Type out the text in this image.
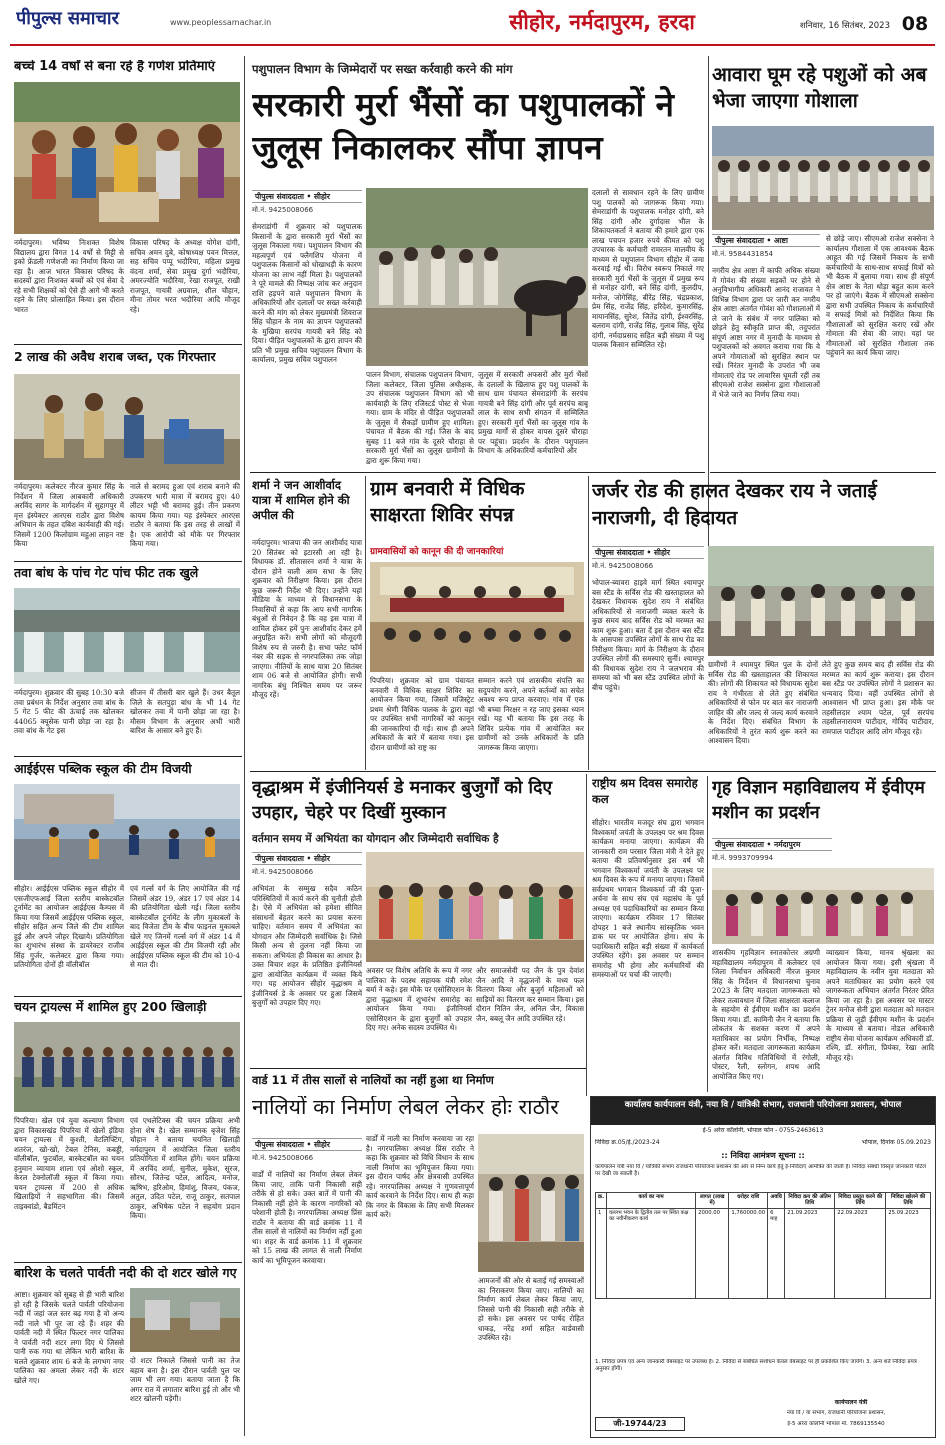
पीपुल्स समाचार	www.peoplessamachar.in	सीहोर, नर्मदापुरम, हरदा	शनिवार, 16 सितंबर, 2023 08
बच्चे 14 वर्षों से बना रहे है गणेश प्रतिमाएं
नर्मदापुरम। भविष्य निःशक्त विशेष विद्यालय द्वारा विगत 14 वर्षों से मिट्टी से इको फ्रेंडली गणेशजी का निर्माण किया जा रहा है। आज भारत विकास परिषद के सदस्यों द्वारा निःशक्त बच्चों को एवं सेवा दे रहे सभी शिक्षकों को ऐसे ही आगे भी करते रहने के लिए प्रोत्साहित किया। इस दौरान भारत
विकास परिषद के अध्यक्ष योगेश दांगी, सचिव अमन दुबे, कोषाध्यक्ष पवन मित्तल, सह सचिव पप्पू भदौरिया, महिला प्रमुख वंदना शर्मा, सेवा प्रमुख दुर्गा भदौरिया, अमरज्योति भदौरिया, रेखा राजपूत, राखी राजपूत, गायत्री अग्रवाल, शील चौहान, मीना तोमर भरत भदौरिया आदि मौजूद रहे।
2 लाख की अवैध शराब जब्त, एक गिरफ्तार
नर्मदापुरम। कलेक्टर नीरज कुमार सिंह के निर्देशन में जिला आबकारी अधिकारी अरविंद सागर के मार्गदर्शन में सुहागपुर में वृत्त इंस्पेक्टर आरएस राठौर द्वारा विशेष अभियान के तहत दबिश कार्यवाही की गई। जिसमें 1200 किलोग्राम महुआ लाहन नष्ट किया
नाले से बरामद हुआ एवं शराब बनाने की उपकरण भारी मात्रा में बरामद हुए। 40 लीटर भट्टी भी बरामद हुई। तीन प्रकरण कायम किया गया। यह इंस्पेक्टर आरएस राठौर ने बताया कि इस तरह से लाखों में है। एक आरोपी को मौके पर गिरफ्तार किया गया।
तवा बांध के पांच गेट पांच फीट तक खुले
नर्मदापुरम। शुक्रवार की सुबह 10:30 बजे तवा प्रबंधन के निर्देश अनुसार तवा बांध के 5 गेट 5 फीट की ऊंचाई तक खोलकर 44065 क्यूसेक पानी छोड़ा जा रहा है। तवा बांध के गेट इस
सीजन में तीसरी बार खुले हैं। उधर बैतूल जिले के सतपुड़ा बांध के भी 14 गेट खोलकर तवा में पानी छोड़ा जा रहा है। मौसम विभाग के अनुसार अभी भारी बारिश के आसार बने हुए हैं।
आईईएस पब्लिक स्कूल की टीम विजयी
सीहोर। आईईएस पब्लिक स्कूल सीहोर में एसजीएफआई जिला स्तरीय बास्केटबॉल टूर्नामेंट का आयोजन आईईएस कैम्पस में किया गया जिसमें आईईएस पब्लिक स्कूल, सीहोर सहित अन्य जिले की टीम शामिल हुई और अपने जौहर दिखाये। प्रतियोगिता का शुभारंभ संस्था के डायरेक्टर राजीव सिंह गुर्जर, कलेक्टर द्वारा किया गया। प्रतियोगिता दोनों ही वॉलीबॉल
एवं गर्ल्स वर्ग के लिए आयोजित की गई जिसमें अंडर 19, अंडर 17 एवं अंडर 14 की प्रतियोगिता खेली गई। जिला स्तरीय बास्केटबॉल टूर्नामेंट के लीग मुकाबलों के बाद विजेता टीम के बीच फाइनल मुकाबले खेले गए जिनमें गर्ल्स वर्ग में अंडर 14 में आईईएस स्कूल की टीम विजयी रही और आईईएस पब्लिक स्कूल की टीम को 10-4 से मात दी।
चयन ट्रायल्स में शामिल हुए 200 खिलाड़ी
पिपरिया। खेल एवं युवा कल्याण विभाग द्वारा विकासखंड पिपरिया में खेलों इंडिया चयन ट्रायल्स में कुश्ती, वेटलिफ्टिंग, शतरंज, खो-खो, टेबल टेनिस, कबड्डी, वॉलीबॉल, फुटबॉल, बास्केटबॉल का चयन हनुमान व्यायाम शाला एवं ओशो स्कूल, केरल टेक्नोलॉजी स्कूल में किया गया। चयन ट्रायल्स में 200 से अधिक खिलाड़ियों ने सहभागिता की। जिसमें ताइक्वांडो, बैडमिंटन
एवं एथलेटिक्स की चयन प्रक्रिया अभी होना शेष है। खेल सम्मानक बृजेश सिंह चौहान ने बताया चयनित खिलाड़ी नर्मदापुरम में आयोजित जिला स्तरीय प्रतियोगिता में शामिल होंगे। चयन प्रक्रिया में अरविंद शर्मा, सुनील, मुकेश, सूरज, सौरभ, जितेन्द्र पटेल, आदित्य, मनोज, ऋषिभ, हरिओम, हिमांशु, विजय, पंकज, अतुल, उदित पटेल, राजू ठाकुर, सतपाल ठाकुर, अभिषेक पटेल ने सहयोग प्रदान किया।
बारिश के चलते पार्वती नदी की दो शटर खोले गए
आष्टा। शुक्रवार को सुबह से ही भारी बारिश हो रही है जिसके चलते पार्वती परियोजना नदी में जहां जल स्तर बढ़ गया है वो अन्य नदी नाले भी पूर जा रहे हैं। शहर की पार्वती नदी में स्थित फिल्टर नगर पालिका ने पार्वती नदी शटर लगा दिए थे जिससे पानी रुक गया था लेकिन भारी बारिश के चलते शुक्रवार शाम 6 बजे के लगभग नगर पालिका का अमला लेकर नदी के शटर खोले गए।
दो शटर निकाले जिससे पानी का तेज बहाव बना है। इस दौरान पार्वती पुल पर जाम भी लग गया। बताया जाता है कि अगर रात में लगातार बारिश हुई तो और भी शटर खोलनी पड़ेगी।
पशुपालन विभाग के जिम्मेदारों पर सख्त कर्रवाही करने की मांग
सरकारी मुर्रा भैंसों का पशुपालकों ने जुलूस निकालकर सौंपा ज्ञापन
पीपुल्स संवाददाता • सीहोर
मो.नं. 9425008066
सेमराडांगी में शुक्रवार को पशुपालक किसानों के द्वारा सरकारी मुर्रा भैंसों का जुलूस निकाला गया। पशुपालन विभाग की महत्वपूर्ण एवं फ्लैगशिप योजना में पशुपालक किसानों को धोखाधड़ी के कारण योजना का लाभ नहीं मिला है। पशुपालकों ने पूरे मामले की निष्पक्ष जांच कर अनुदान राशि हड़पने वाले पशुपालन विभाग के अधिकारियों और दलालों पर सख्त कर्रवाही करने की मांग को लेकर मुख्यमंत्री शिवराज सिंह चौहान के नाम का ज्ञापन पशुपालकों के मुखिया सरपंच गायत्री बने सिंह को दिया। पीड़ित पशुपालकों के द्वारा ज्ञापन की प्रति भी प्रमुख सचिव पशुपालन विभाग के कार्यालय, प्रमुख सचिव पशुपालन
पालन विभाग, संचालक पशुपालन विभाग, जिला कलेक्टर, जिला पुलिस अधीक्षक, उप संचालक पशुपालन विभाग को भी कार्यवाही के लिए रजिस्टर्ड पोस्ट से भेजा गया। ग्राम के मंदिर से पीड़ित पशुपालकों के जुलूस में सैकड़ों ग्रामीण हुए शामिल। पंचायत में बैठक की गई। जिस के बाद सुबह 11 बजे गांव के दूसरे चौराहा से सरकारी मुर्रा भैंसों का जुलूस ग्रामीणों के द्वारा शुरू किया गया।
जुलूस में सरकारी अफसरों और मुर्रा भैंसों के दलालों के खिलाफ हुए पशु पालकों के साथ ग्राम पंचायत सेमराडांगी के सरपंच गायत्री बने सिंह दांगी और पूर्व सरपंच बाबू लाल के साथ सभी संगठन में सम्मिलित हुए। सरकारी मुर्रा भैंसों का जुलूस गांव के प्रमुख मार्गों से होकर वापस दूसरे चौराहा पर पहुंचा। प्रदर्शन के दौरान पशुपालन विभाग के अधिकारियों कर्मचारियों और
दलालों से सावधान रहने के लिए ग्रामीण पशु पालकों को जागरूक किया गया। सेमराडांगी के पशुपालक मनोहर दांगी, बने सिंह दांगी और दुर्गादास भील के शिकायतकर्ता ने बताया की हमारे द्वारा एक लाख पचपन हजार रुपये कीमत को पशु उपचारक के कर्मचारी रामरतन मालवीय के माध्यम से पशुपालन विभाग सीहोर में जमा करवाई गई थी। विरोध स्वरूप निकाले गए सरकारी मुर्रा भैंसों के जुलूस में प्रमुख रूप से मनोहर दांगी, बने सिंह दांगी, कुलदीप, मनोज, जोगेसिंह, बीरेंद्र सिंह, चंद्रप्रकाश, प्रेम सिंह, राजेंद्र सिंह, हरिदेश, कुमारसिंह, मायानसिंह, सुरेश, जितेंद्र दांगी, ईश्वरसिंह, बलराम दांगी, राजेंद्र सिंह, गुलाब सिंह, सुरेंद्र दांगी, नर्मदाप्रसाद सहित बड़ी संख्या में पशु पालक किसान सम्मिलित रहे।
आवारा घूम रहे पशुओं को अब भेजा जाएगा गोशाला
पीपुल्स संवाददाता • आष्टा
मो.नं. 9584431854
नगरीय क्षेत्र आष्टा में काफी अधिक संख्या में गोवंश की संख्या सड़कों पर होने से अनुविभागीय अधिकारी आनंद राजावत ने विभिन्न विभाग द्वारा पर जारी कर नगरीय क्षेत्र आष्टा अंतर्गत गोवंश को गौशालाओं में ले जाने के संबंध में नगर पालिका को छोड़ने हेतु स्वीकृति प्राप्त की, तदुपरांत संपूर्ण आष्टा नगर में मुनादी के माध्यम से पशुपालकों को अवगत कराया गया कि वे अपने गोमाताओं को सुरक्षित स्थान पर रखें। निरंतर मुनादी के उपरांत भी जब गोमाताएं रोड पर लावारिस घूमती रहीं तब सीएमओ राजेश सक्सेना द्वारा गौशालाओं में भेजे जाने का निर्णय लिया गया।
से छोड़े जाए। सीएमओ राजेश सक्सेना ने कार्यालय गौशाला में एक आवश्यक बैठक आहूत की गई जिसमें निकाय के सभी कर्मचारियों के साथ-साथ सफाई मित्रों को भी बैठक में बुलाया गया। साथ ही संपूर्ण क्षेत्र आष्टा के नेता थोड़ा बहुत काम करने पर हो जाएंगे। बैठक में सीएमओ सक्सेना द्वारा सभी उपस्थित निकाय के कर्मचारियों व सफाई मित्रों को निर्देशित किया कि गौशालाओं को सुरक्षित कराए रखें और गोमाता की सेवा की जाए। यहां पर गौमाताओं को सुरक्षित गौशाला तक पहुंचाने का कार्य किया जाए।
शर्मा ने जन आशीर्वाद यात्रा में शामिल होने की अपील की
नर्मदापुरम। भाजपा की जन आशीर्वाद यात्रा 20 सितंबर को इटारसी आ रही है। विधायक डॉ. सीतासरन शर्मा ने यात्रा के दौरान होने वाली आम सभा के लिए शुक्रवार को निरीक्षण किया। इस दौरान कुछ जरूरी निर्देश भी दिए। उन्होंने यहां मीडिया के माध्यम से विधानसभा के निवासियों से कहा कि आप सभी नागरिक बंधुओं से निवेदन है कि वह इस यात्रा में शामिल होकर हमें पुनः आशीर्वाद देकर हमें अनुग्रहित करें। सभी लोगों को मौजूदगी विशेष रुप से जरुरी है। सभा फ्लेट फॉर्म नंबर की सड़क से नगरपालिका तक जोड़ा जाएगा। नीतियों के साथ यात्रा 20 सितंबर शाम 06 बजे से आयोजित होगी। सभी नागरिक बंधु निश्चित समय पर जरूर मौजूद रहें।
ग्राम बनवारी में विधिक साक्षरता शिविर संपन्न
ग्रामवासियों को कानून की दी जानकारियां
पिपरिया। शुक्रवार को ग्राम पंचायत बनवारी में विधिक साक्षर शिविर का आयोजन किया गया, जिसमें मजिस्ट्रेट प्रथम श्रेणी विधिक पालक के द्वारा वहां पर उपस्थित सभी नागरिकों को कानून की जानकारियां दी गई। साथ ही अपने अधिकारों के बारे में बताया गया। इस दौरान ग्रामीणों को राष्ट्र का
सम्मान करने एवं शासकीय संपत्ति का सदुपयोग करने, अपने कर्तव्यों का सचेत अवश्य रूप प्राप्त करवाए। गांव में एक भी बच्चा निरक्षर न रह जाए इसका ध्यान रखें। यह भी बताया कि इस तरह के शिविर प्रत्येक गांव में आयोजित कर ग्रामीणों को उनके अधिकारों के प्रति जागरूक किया जाएगा।
जर्जर रोड की हालत देखकर राय ने जताई नाराजगी, दी हिदायत
पीपुल्स संवाददाता • सीहोर
मो.नं. 9425008066
भोपाल-ब्यावरा हाइवे मार्ग स्थित श्यामपुर बस स्टैंड के सर्विस रोड की खस्ताहालत को देखकर विधायक सुदेश राय ने संबंधित अधिकारियों से नाराजगी व्यक्त करने के कुछ समय बाद सर्विस रोड को मरम्मत का काम शुरू हुआ। बता दें इस दौरान बस स्टैंड के आसपास उपस्थित लोगों के साथ रोड का निरीक्षण किया। मार्ग के निरीक्षण के दौरान उपस्थित लोगों की समस्याएं सुनीं। श्यामपुर की विधायक सुदेश राय ने जलभराव की समस्या को भी बस स्टैंड उपस्थित लोगों के बीच पहुंचे।
ग्रामीणों ने श्यामपुर स्थित पुल के दोनों सर्विस रोड की खस्ताहालत की शिकायत की। लोगों की शिकायत को विधायक सुदेश राय ने गंभीरता से लेते हुए संबंधित अधिकारियों से फोन पर बात कर नाराजगी जाहिर की और जल्द से जल्द कार्य करवाने के निर्देश दिए। संबंधित विभाग के अधिकारियों ने तुरंत कार्य शुरू करने का आश्वासन दिया।
लेते हुए कुछ समय बाद ही सर्विस रोड की मरम्मत का कार्य शुरू कराया। इस दौरान बस स्टैंड पर उपस्थित लोगों ने प्रशासन का धन्यवाद दिया। वहीं उपस्थित लोगों से आश्वासन भी प्राप्त हुआ। इस मौके पर तहसीलदार श्याम पटेल, पूर्व सरपंच तहसीलनारायण पाटीदार, गोविंद पाटीदार, रामपाल पाटीदार आदि लोग मौजूद रहे।
वृद्धाश्रम में इंजीनियर्स डे मनाकर बुजुर्गों को दिए उपहार, चेहरे पर दिखीं मुस्कान
वर्तमान समय में अभियंता का योगदान और जिम्मेदारी सर्वाधिक है
पीपुल्स संवाददाता • सीहोर
मो.नं. 9425008066
अभियंता के सम्मुख सदैव कठिन परिस्थितियों में कार्य करने की चुनौती होती है। ऐसे में अभियंता को हमेशा सीमित संसाधनों बेहतर करने का प्रयास करना चाहिए। वर्तमान समय में अभियंता का योगदान और जिम्मेदारी सर्वाधिक है। जिसे किसी अन्य से तुलना नहीं किया जा सकता। अभियंता ही विकास का आधार है। उक्त विचार शहर के प्रतिष्ठित इंजीनियर्स द्वारा आयोजित कार्यक्रम में व्यक्त किये गए। यह आयोजन सीहोर वृद्धाश्रम में इंजीनियर्स डे के अवसर पर हुआ जिसमें बुजुर्गों को उपहार दिए गए।
अवसर पर विशेष अतिथि के रूप में नगर पालिका के पदस्थ सहायक यंत्री रमेश बर्मा ने कहे। इस मौके पर एसोसिएशन के द्वारा वृद्धाश्रम में शुभारंभ समारोह का आयोजन किया गया। इंजीनियर्स एसोसिएशन के द्वारा बुजुर्गों को उपहार दिए गए। अनेक सदस्य उपस्थित थे।
और समाजसेवी पद जैन के पुत्र देवांश जैन आदि ने वृद्धजनों के मध्य फल वितरण किया और बुजुर्ग महिलाओं को साड़ियों का वितरण कर सम्मान किया। इस दौरान नितिन जैन, अनिल जैन, विकास जैन, बबलू जैन आदि उपस्थित रहे।
राष्ट्रीय श्रम दिवस समारोह कल
सीहोर। भारतीय मजदूर संघ द्वारा भगवान विश्वकर्मा जयंती के उपलक्ष्य पर श्रम दिवस कार्यक्रम मनाया जाएगा। कार्यक्रम की जानकारी राम परसार जिला मंत्री ने देते हुए बताया की प्रतिवर्षानुसार इस वर्ष भी भगवान विश्वकर्मा जयंती के उपलक्ष्य पर श्रम दिवस के रूप में मनाया जाएगा। जिसमें सर्वप्रथम भगवान विश्वकर्मा जी की पूजा-अर्चना के साथ संघ एवं महासंघ के पूर्व अध्यक्ष एवं पदाधिकारियों का सम्मान किया जाएगा। कार्यक्रम रविवार 17 सितंबर दोपहर 1 बजे स्थानीय सांस्कृतिक भवन डाक घर पर आयोजित होगा। संघ के पदाधिकारी सहित बड़ी संख्या में कार्यकर्ता उपस्थित रहेंगे। इस अवसर पर सम्मान समारोह भी होगा और कर्मचारियों की समस्याओं पर चर्चा की जाएगी।
गृह विज्ञान महाविद्यालय में ईवीएम मशीन का प्रदर्शन
पीपुल्स संवाददाता • नर्मदापुरम
मो.नं. 9993709994
शासकीय गृहविज्ञान स्नातकोत्तर अग्रणी महाविद्यालय नर्मदापुरम में कलेक्टर एवं जिला निर्वाचन अधिकारी नीरज कुमार सिंह के निर्देशन में विधानसभा चुनाव 2023 के लिए मतदाता जागरूकता को लेकर तत्वावधान में जिला साक्षरता कलाज के सहयोग से ईवीएम मशीन का प्रदर्शन किया गया। डॉ. कामिनी जैन ने बताया कि लोकतंत्र के सशक्त करण में अपने मताधिकार का प्रयोग निर्भीक, निष्पक्ष होकर करें। मतदाता जागरूकता कार्यक्रम अंतर्गत विविध गतिविधियों में रंगोली, पोस्टर, रैली, स्लोगन, शपथ आदि आयोजित किए गए।
व्याख्यान किया, मानव श्रृंखला का आयोजन किया गया। इसी श्रृंखला में महाविद्यालय के नवीन युवा मतदाता को अपने मताधिकार का प्रयोग करने एवं जागरूकता अभियान अंतर्गत निरंतर प्रेरित किया जा रहा है। इस अवसर पर मास्टर ट्रेनर मनोज सेनी द्वारा मतदाता को मतदान प्रक्रिया से जुड़ी ईवीएम मशीन के प्रदर्शन के माध्यम से बताया। नोडल अधिकारी राष्ट्रीय सेवा योजना कार्यक्रम अधिकारी डॉ. रश्मि, डॉ. संगीता, प्रियंका, रेखा आदि मौजूद रहे।
वार्ड 11 में तीस सालों से नालियों का नहीं हुआ था निर्माण
नालियों का निर्माण लेबल लेकर होः राठौर
पीपुल्स संवाददाता • सीहोर
मो.नं. 9425008066
वार्डों में नालियों का निर्माण लेबल लेकर किया जाए, ताकि पानी निकासी सही तरीके से हो सके। उक्त बातें में पानी की निकासी नहीं होने के कारण नागरिकों को परेशानी होती है। नगरपालिका अध्यक्ष प्रिंस राठौर ने बताया की वार्ड क्रमांक 11 में तीस सालों से नालियों का निर्माण नहीं हुआ था। शहर के वार्ड क्रमांक 11 में शुक्रवार को 15 लाख की लागत से नाली निर्माण कार्य का भूमिपूजन करवाया।
वार्डों में नाली का निर्माण करवाया जा रहा है। नगरपालिका अध्यक्ष प्रिंस राठौर ने कहा कि शुक्रवार को विधि विधान के साथ नाली निर्माण का भूमिपूजन किया गया। इस दौरान पार्षद और क्षेत्रवासी उपस्थित रहे। नगरपालिका अध्यक्ष ने गुणवत्तापूर्ण कार्य करवाने के निर्देश दिए। साथ ही कहा कि नगर के विकास के लिए सभी मिलकर कार्य करें।
आमजनों की ओर से बताई गई समस्याओं का निराकरण किया जाए। नालियों का निर्माण कार्य लेबल लेकर किया जाए, जिससे पानी की निकासी सही तरीके से हो सके। इस अवसर पर पार्षद रोहित धाकड़, नरेंद्र शर्मा सहित वार्डवासी उपस्थित रहे।
कार्यालय कार्यपालन यंत्री, नया वि / यांत्रिकी संभाग, राजधानी परियोजना प्रशासन, भोपाल
ई-5 अरेरा कॉलोनी, भोपाल फोन - 0755-2463613
निविदा क्र.05/ई./2023-24	भोपाल, दिनांक 05.09.2023
:: निविदा आमंत्रण सूचना ::
कार्यपालन यंत्री नया वि / यांत्रिकी संभाग राजधानी परियोजना प्रशासन की ओर से निम्न कार्य हेतु ई-निविदाएं आमंत्रित की जाती हैं। निविदा संबंधी विस्तृत जानकारी पोर्टल पर देखी जा सकती है।
क्र.	कार्य का नाम	लागत (लाख में)	धरोहर राशि	अवधि	निविदा क्रय की अंतिम तिथि	निविदा प्रस्तुत करने की तिथि	निविदा खोलने की तिथि
1	वल्लभ भवन के द्वितीय तल पर स्थित कक्ष का नवीनीकरण कार्य	2000.00	1,760000.00	6 माह	21.09.2023	22.09.2023	25.09.2023
1. निविदा प्रपत्र एवं अन्य जानकारी वेबसाइट पर उपलब्ध है। 2. निविदा से संबंधित संशोधन केवल वेबसाइट पर ही प्रकाशित किए जायेंगे। 3. अन्य शर्तें निविदा प्रपत्र अनुसार होंगी।
जी-19744/23
कार्यपालन यंत्री
नया वि / यां संभाग, राजधानी परियोजना प्रशासन,
ई-5 अरेरा कॉलोनी भोपाल मो. 7869135540
